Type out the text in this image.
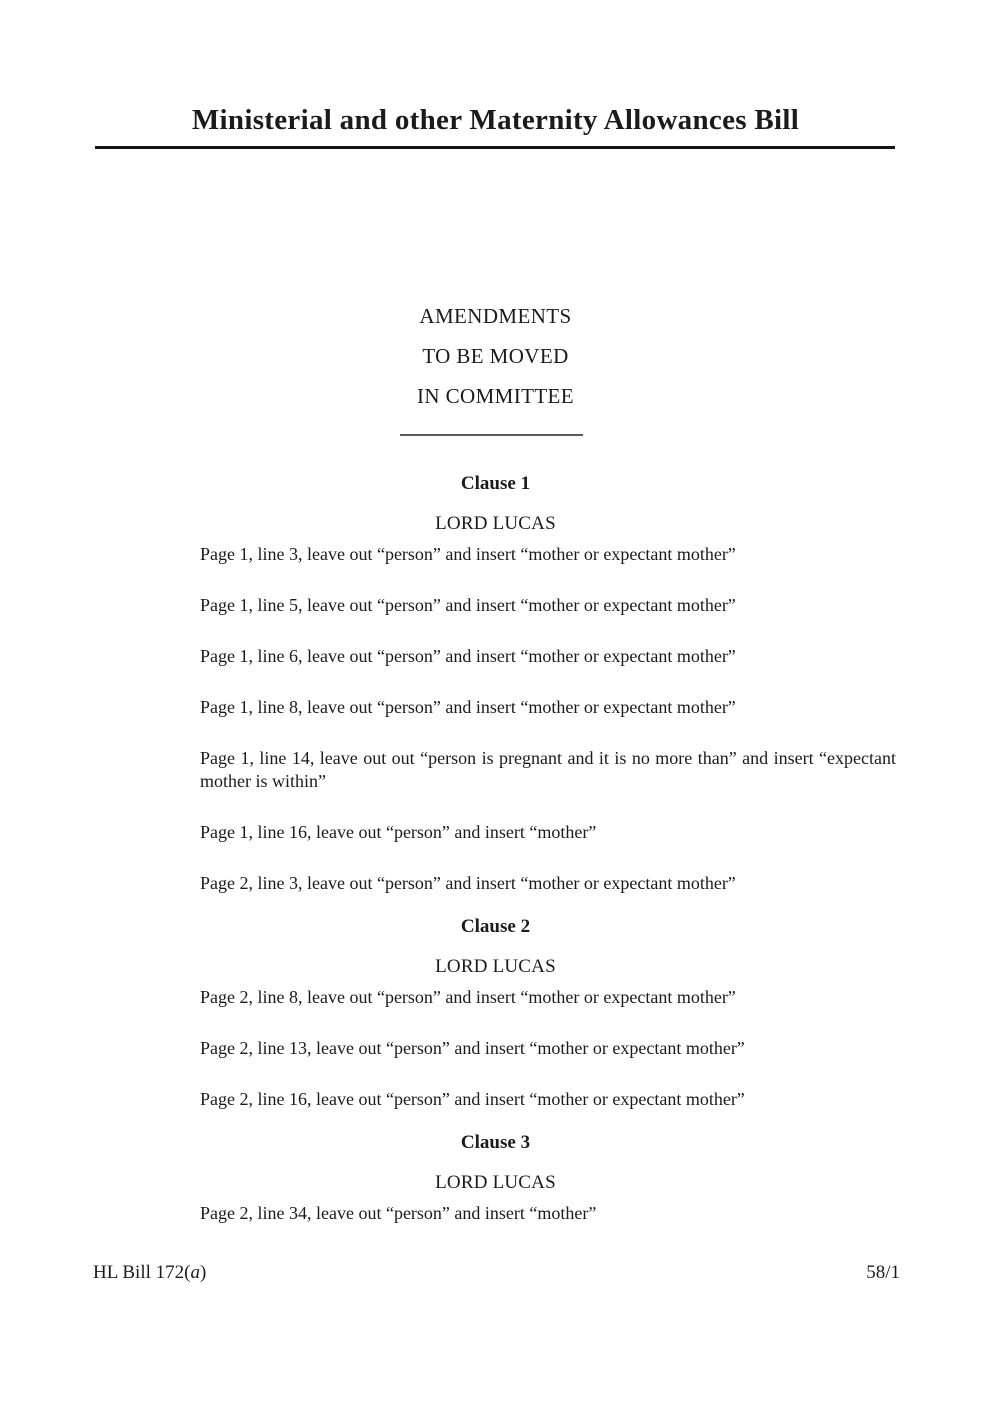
Ministerial and other Maternity Allowances Bill
AMENDMENTS
TO BE MOVED
IN COMMITTEE

Clause 1

LORD LUCAS

Page 1, line 3, leave out “person” and insert “mother or expectant mother”

Page 1, line 5, leave out “person” and insert “mother or expectant mother”

Page 1, line 6, leave out “person” and insert “mother or expectant mother”

Page 1, line 8, leave out “person” and insert “mother or expectant mother”

Page 1, line 14, leave out out “person is pregnant and it is no more than” and insert “expectant mother is within”

Page 1, line 16, leave out “person” and insert “mother”

Page 2, line 3, leave out “person” and insert “mother or expectant mother”

Clause 2

LORD LUCAS

Page 2, line 8, leave out “person” and insert “mother or expectant mother”

Page 2, line 13, leave out “person” and insert “mother or expectant mother”

Page 2, line 16, leave out “person” and insert “mother or expectant mother”

Clause 3

LORD LUCAS

Page 2, line 34, leave out “person” and insert “mother”

HL Bill 172(a)	58/1
